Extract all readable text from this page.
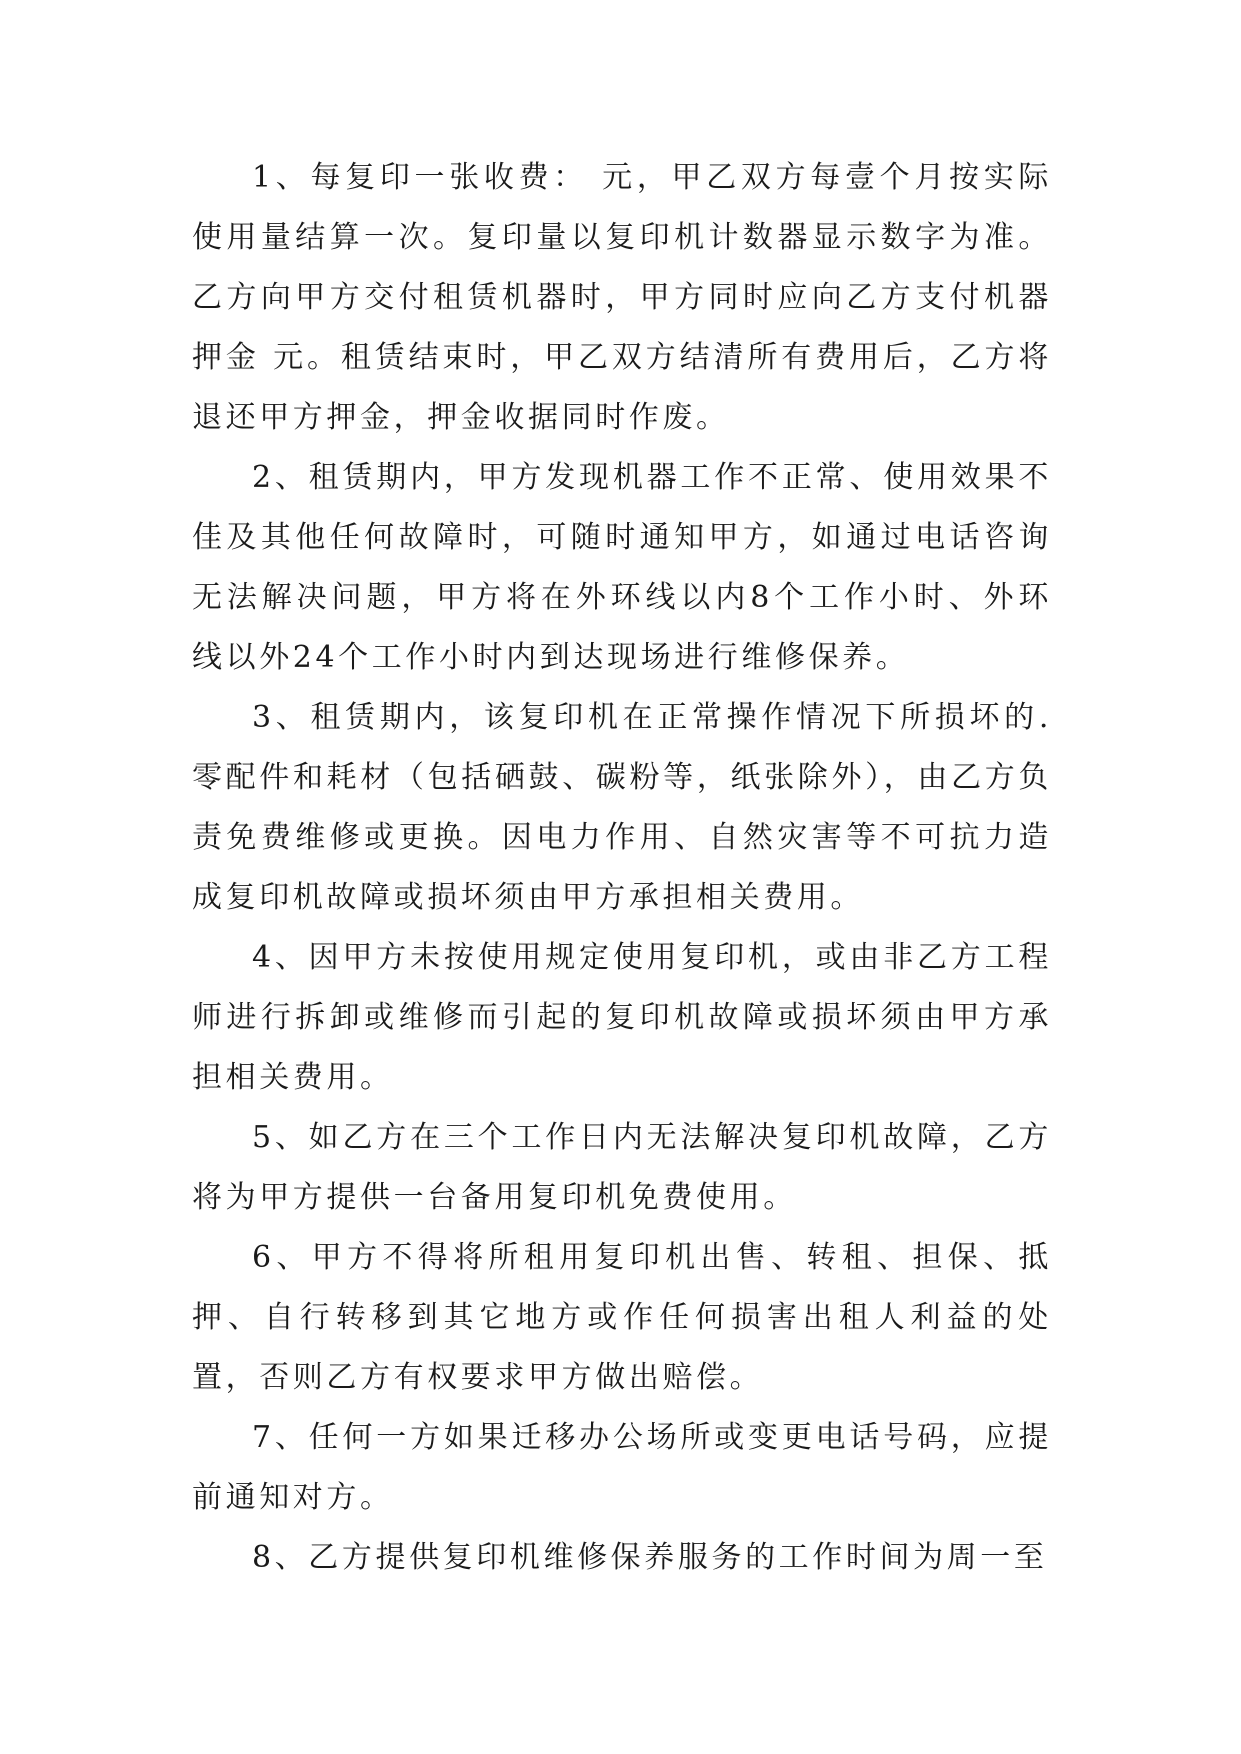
1、每复印一张收费： 元，甲乙双方每壹个月按实际使用量结算一次。复印量以复印机计数器显示数字为准。乙方向甲方交付租赁机器时，甲方同时应向乙方支付机器押金 元。租赁结束时，甲乙双方结清所有费用后，乙方将退还甲方押金，押金收据同时作废。

2、租赁期内，甲方发现机器工作不正常、使用效果不佳及其他任何故障时，可随时通知甲方，如通过电话咨询无法解决问题，甲方将在外环线以内8个工作小时、外环线以外24个工作小时内到达现场进行维修保养。

3、租赁期内，该复印机在正常操作情况下所损坏的.零配件和耗材（包括硒鼓、碳粉等，纸张除外），由乙方负责免费维修或更换。因电力作用、自然灾害等不可抗力造成复印机故障或损坏须由甲方承担相关费用。

4、因甲方未按使用规定使用复印机，或由非乙方工程师进行拆卸或维修而引起的复印机故障或损坏须由甲方承担相关费用。

5、如乙方在三个工作日内无法解决复印机故障，乙方将为甲方提供一台备用复印机免费使用。

6、甲方不得将所租用复印机出售、转租、担保、抵押、自行转移到其它地方或作任何损害出租人利益的处置，否则乙方有权要求甲方做出赔偿。

7、任何一方如果迁移办公场所或变更电话号码，应提前通知对方。

8、乙方提供复印机维修保养服务的工作时间为周一至
